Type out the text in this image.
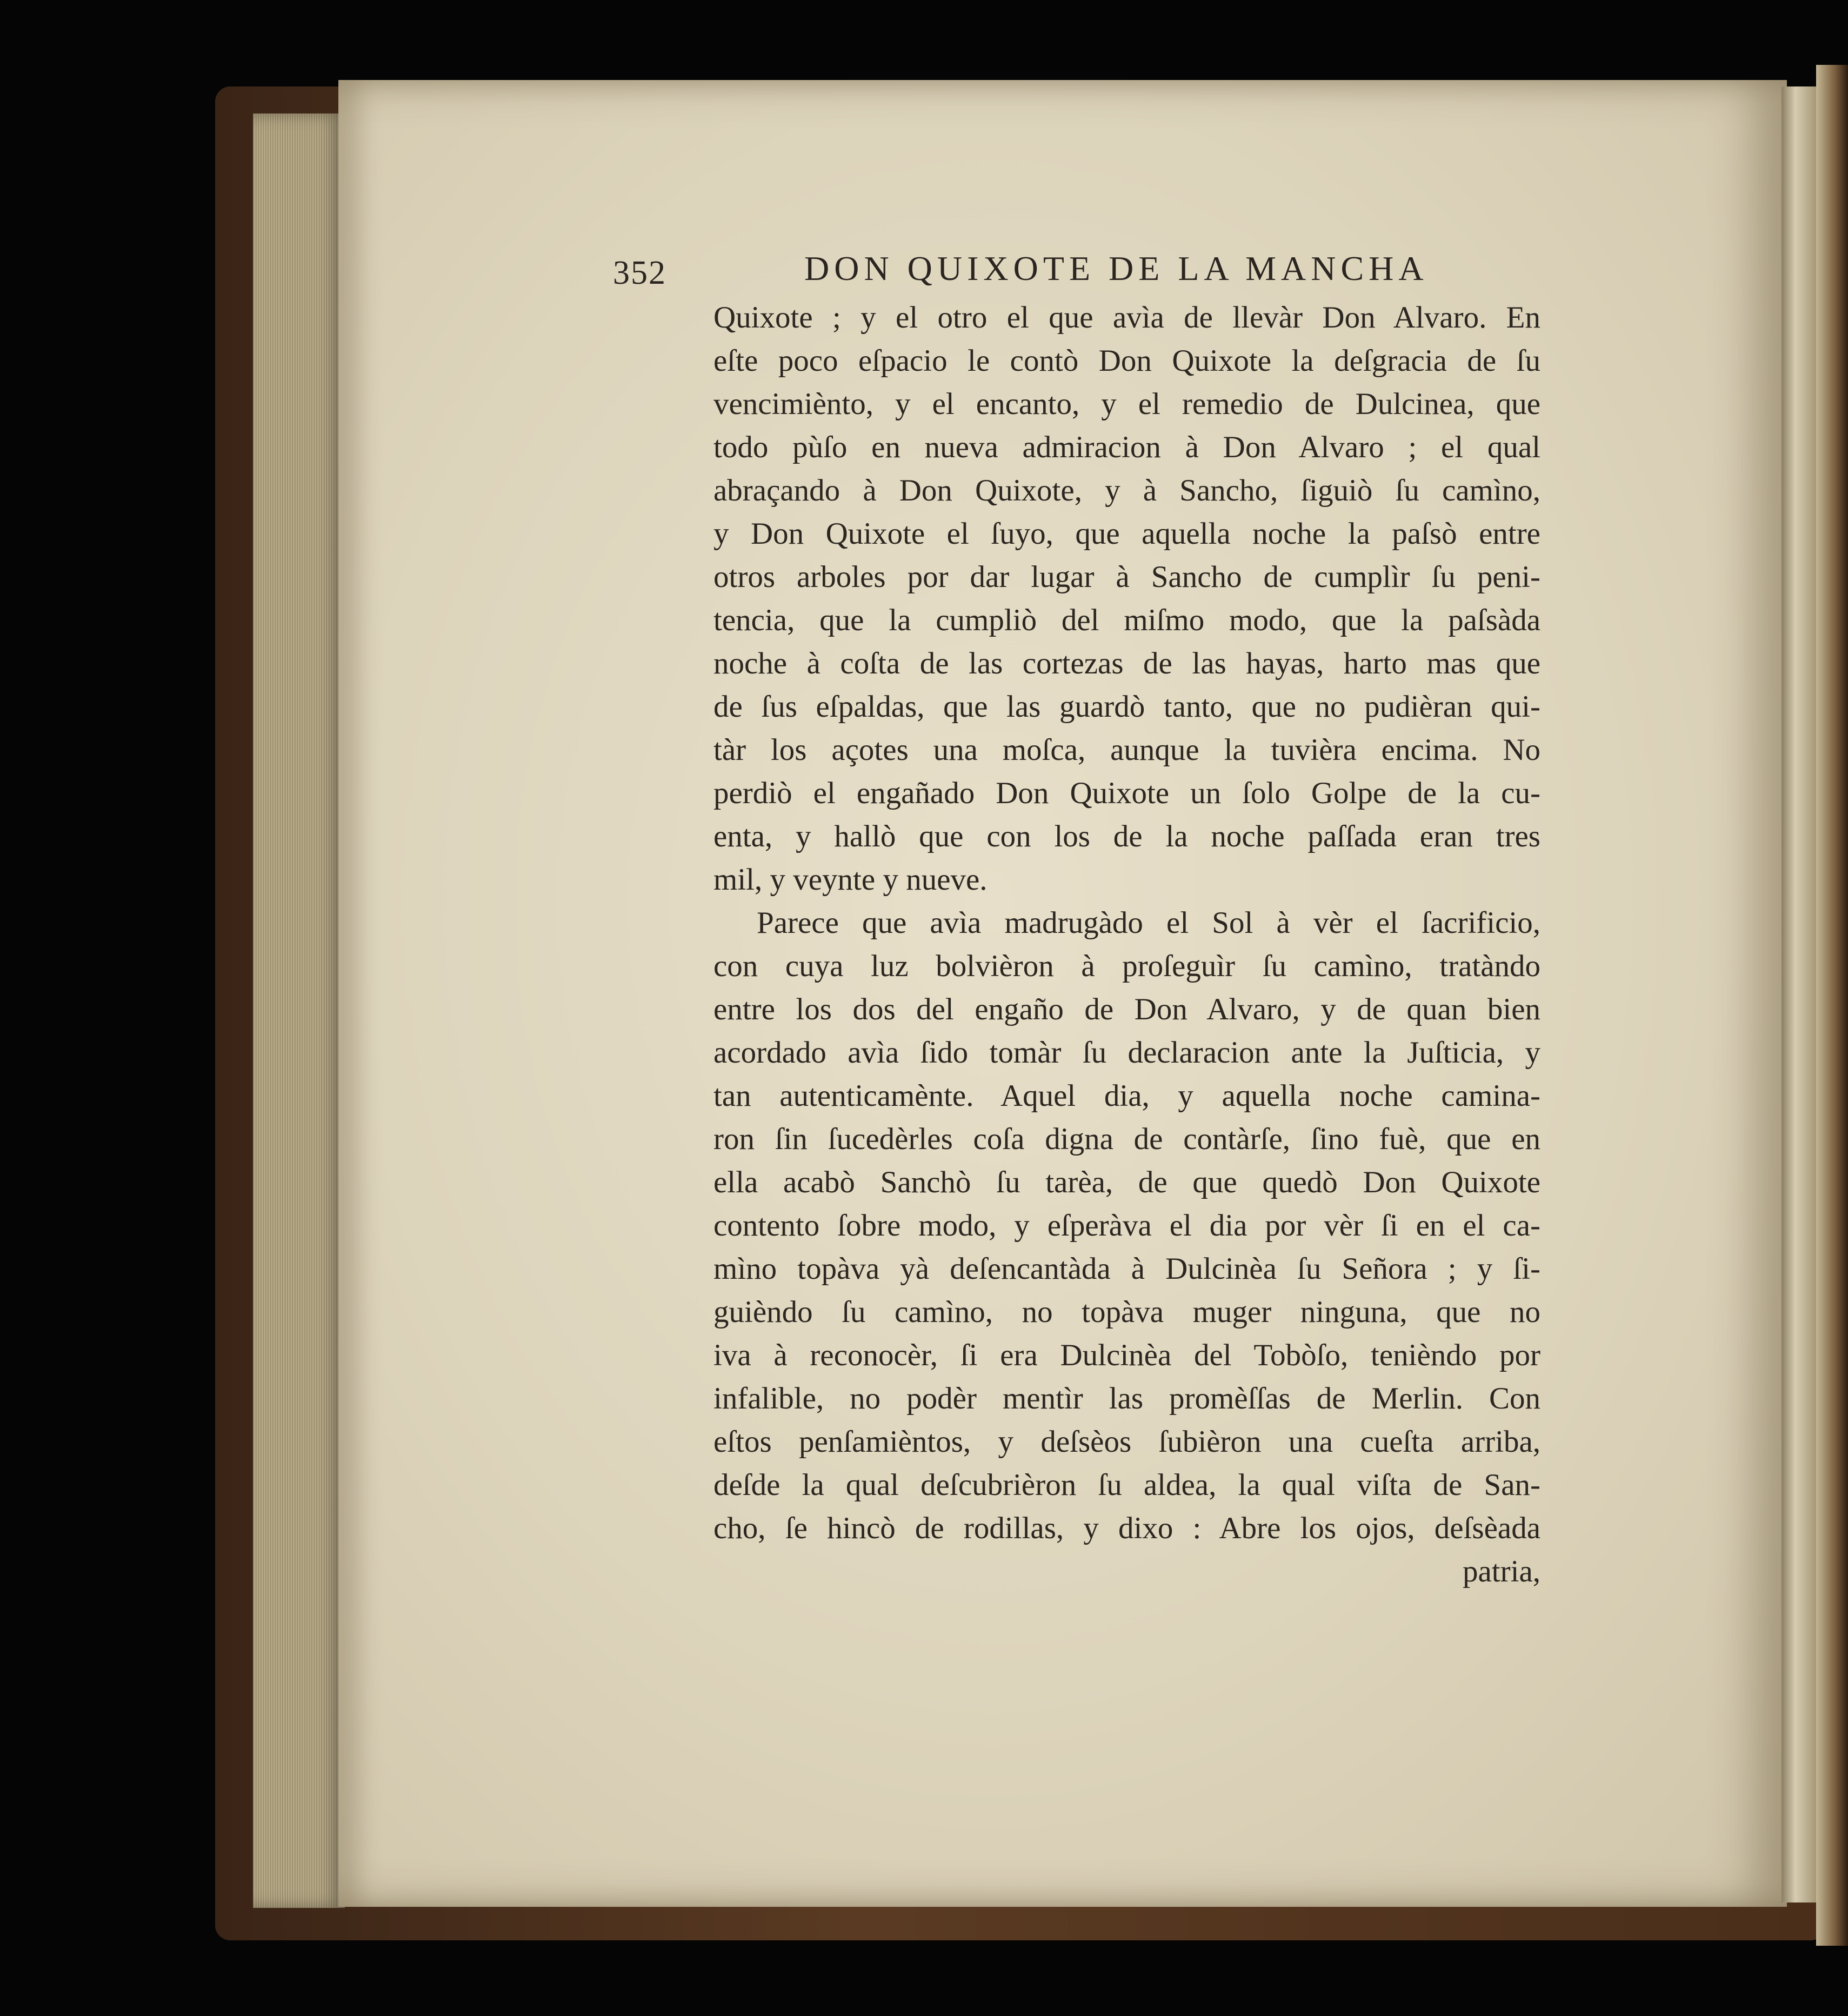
352	DON QUIXOTE DE LA MANCHA
Quixote ; y el otro el que avìa de llevàr Don Alvaro. En
eſte poco eſpacio le contò Don Quixote la deſgracia de ſu
vencimiènto, y el encanto, y el remedio de Dulcinea, que
todo pùſo en nueva admiracion à Don Alvaro ; el qual
abraçando à Don Quixote, y à Sancho, ſiguiò ſu camìno,
y Don Quixote el ſuyo, que aquella noche la paſsò entre
otros arboles por dar lugar à Sancho de cumplìr ſu peni-
tencia, que la cumpliò del miſmo modo, que la paſsàda
noche à coſta de las cortezas de las hayas, harto mas que
de ſus eſpaldas, que las guardò tanto, que no pudièran qui-
tàr los açotes una moſca, aunque la tuvièra encima. No
perdiò el engañado Don Quixote un ſolo Golpe de la cu-
enta, y hallò que con los de la noche paſſada eran tres
mil, y veynte y nueve.
Parece que avìa madrugàdo el Sol à vèr el ſacrificio,
con cuya luz bolvièron à proſeguìr ſu camìno, tratàndo
entre los dos del engaño de Don Alvaro, y de quan bien
acordado avìa ſido tomàr ſu declaracion ante la Juſticia, y
tan autenticamènte. Aquel dia, y aquella noche camina-
ron ſin ſucedèrles coſa digna de contàrſe, ſino fuè, que en
ella acabò Sanchò ſu tarèa, de que quedò Don Quixote
contento ſobre modo, y eſperàva el dia por vèr ſi en el ca-
mìno topàva yà deſencantàda à Dulcinèa ſu Señora ; y ſi-
guièndo ſu camìno, no topàva muger ninguna, que no
iva à reconocèr, ſi era Dulcinèa del Tobòſo, tenièndo por
infalible, no podèr mentìr las promèſſas de Merlin. Con
eſtos penſamièntos, y deſsèos ſubièron una cueſta arriba,
deſde la qual deſcubrièron ſu aldea, la qual viſta de San-
cho, ſe hincò de rodillas, y dixo : Abre los ojos, deſsèada
patria,
